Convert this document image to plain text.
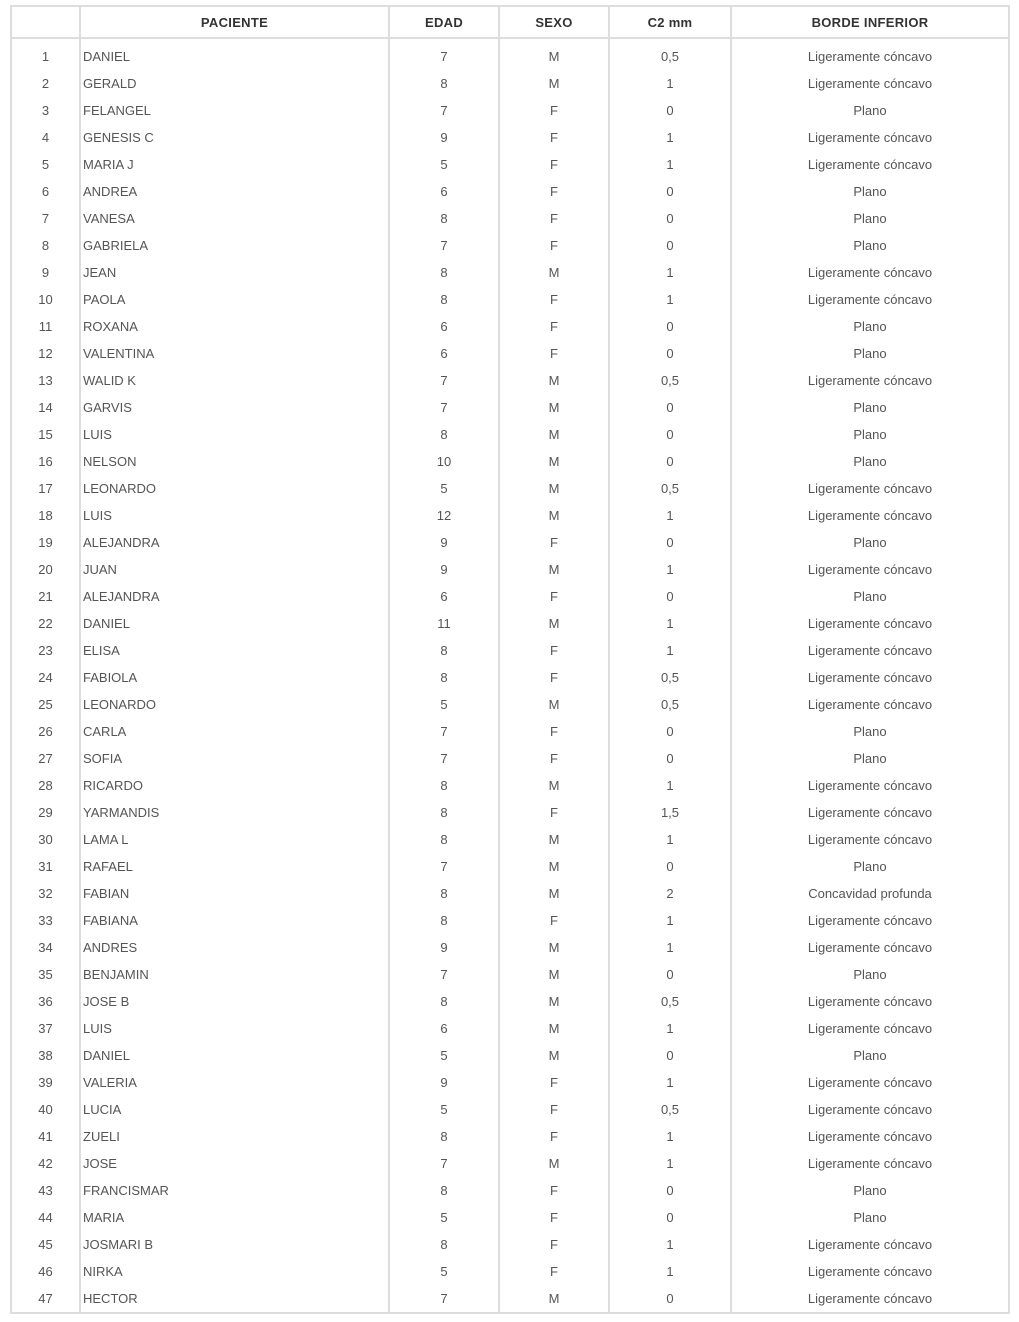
	PACIENTE	EDAD	SEXO	C2 mm	BORDE INFERIOR
1	DANIEL	7	M	0,5	Ligeramente cóncavo
2	GERALD	8	M	1	Ligeramente cóncavo
3	FELANGEL	7	F	0	Plano
4	GENESIS C	9	F	1	Ligeramente cóncavo
5	MARIA J	5	F	1	Ligeramente cóncavo
6	ANDREA	6	F	0	Plano
7	VANESA	8	F	0	Plano
8	GABRIELA	7	F	0	Plano
9	JEAN	8	M	1	Ligeramente cóncavo
10	PAOLA	8	F	1	Ligeramente cóncavo
11	ROXANA	6	F	0	Plano
12	VALENTINA	6	F	0	Plano
13	WALID K	7	M	0,5	Ligeramente cóncavo
14	GARVIS	7	M	0	Plano
15	LUIS	8	M	0	Plano
16	NELSON	10	M	0	Plano
17	LEONARDO	5	M	0,5	Ligeramente cóncavo
18	LUIS	12	M	1	Ligeramente cóncavo
19	ALEJANDRA	9	F	0	Plano
20	JUAN	9	M	1	Ligeramente cóncavo
21	ALEJANDRA	6	F	0	Plano
22	DANIEL	11	M	1	Ligeramente cóncavo
23	ELISA	8	F	1	Ligeramente cóncavo
24	FABIOLA	8	F	0,5	Ligeramente cóncavo
25	LEONARDO	5	M	0,5	Ligeramente cóncavo
26	CARLA	7	F	0	Plano
27	SOFIA	7	F	0	Plano
28	RICARDO	8	M	1	Ligeramente cóncavo
29	YARMANDIS	8	F	1,5	Ligeramente cóncavo
30	LAMA L	8	M	1	Ligeramente cóncavo
31	RAFAEL	7	M	0	Plano
32	FABIAN	8	M	2	Concavidad profunda
33	FABIANA	8	F	1	Ligeramente cóncavo
34	ANDRES	9	M	1	Ligeramente cóncavo
35	BENJAMIN	7	M	0	Plano
36	JOSE B	8	M	0,5	Ligeramente cóncavo
37	LUIS	6	M	1	Ligeramente cóncavo
38	DANIEL	5	M	0	Plano
39	VALERIA	9	F	1	Ligeramente cóncavo
40	LUCIA	5	F	0,5	Ligeramente cóncavo
41	ZUELI	8	F	1	Ligeramente cóncavo
42	JOSE	7	M	1	Ligeramente cóncavo
43	FRANCISMAR	8	F	0	Plano
44	MARIA	5	F	0	Plano
45	JOSMARI B	8	F	1	Ligeramente cóncavo
46	NIRKA	5	F	1	Ligeramente cóncavo
47	HECTOR	7	M	0	Ligeramente cóncavo
